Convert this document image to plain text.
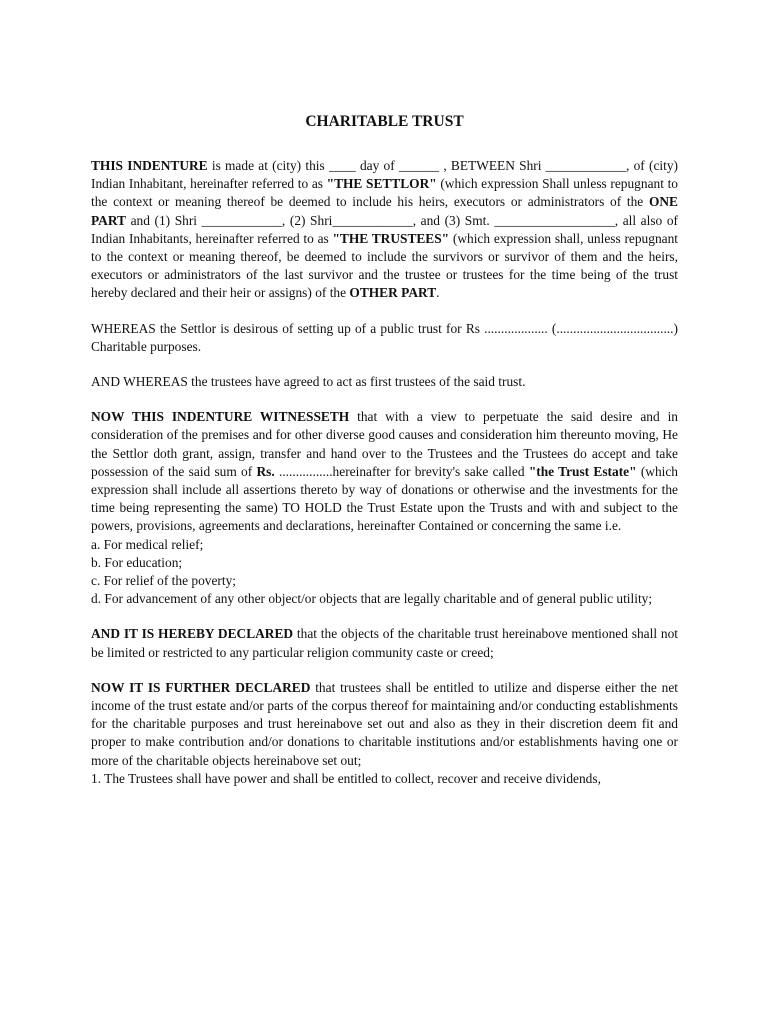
CHARITABLE TRUST

THIS INDENTURE is made at (city) this ____ day of ______ , BETWEEN Shri ____________, of (city) Indian Inhabitant, hereinafter referred to as "THE SETTLOR" (which expression Shall unless repugnant to the context or meaning thereof be deemed to include his heirs, executors or administrators of the ONE PART and (1) Shri ____________, (2) Shri____________, and (3) Smt. __________________, all also of Indian Inhabitants, hereinafter referred to as "THE TRUSTEES" (which expression shall, unless repugnant to the context or meaning thereof, be deemed to include the survivors or survivor of them and the heirs, executors or administrators of the last survivor and the trustee or trustees for the time being of the trust hereby declared and their heir or assigns) of the OTHER PART.

WHEREAS the Settlor is desirous of setting up of a public trust for Rs ................... (...................................) Charitable purposes.

AND WHEREAS the trustees have agreed to act as first trustees of the said trust.

NOW THIS INDENTURE WITNESSETH that with a view to perpetuate the said desire and in consideration of the premises and for other diverse good causes and consideration him thereunto moving, He the Settlor doth grant, assign, transfer and hand over to the Trustees and the Trustees do accept and take possession of the said sum of Rs. ................hereinafter for brevity's sake called "the Trust Estate" (which expression shall include all assertions thereto by way of donations or otherwise and the investments for the time being representing the same) TO HOLD the Trust Estate upon the Trusts and with and subject to the powers, provisions, agreements and declarations, hereinafter Contained or concerning the same i.e.

a. For medical relief;
b. For education;
c. For relief of the poverty;

d. For advancement of any other object/or objects that are legally charitable and of general public utility;

AND IT IS HEREBY DECLARED that the objects of the charitable trust hereinabove mentioned shall not be limited or restricted to any particular religion community caste or creed;

NOW IT IS FURTHER DECLARED that trustees shall be entitled to utilize and disperse either the net income of the trust estate and/or parts of the corpus thereof for maintaining and/or conducting establishments for the charitable purposes and trust hereinabove set out and also as they in their discretion deem fit and proper to make contribution and/or donations to charitable institutions and/or establishments having one or more of the charitable objects hereinabove set out;

1. The Trustees shall have power and shall be entitled to collect, recover and receive dividends,
